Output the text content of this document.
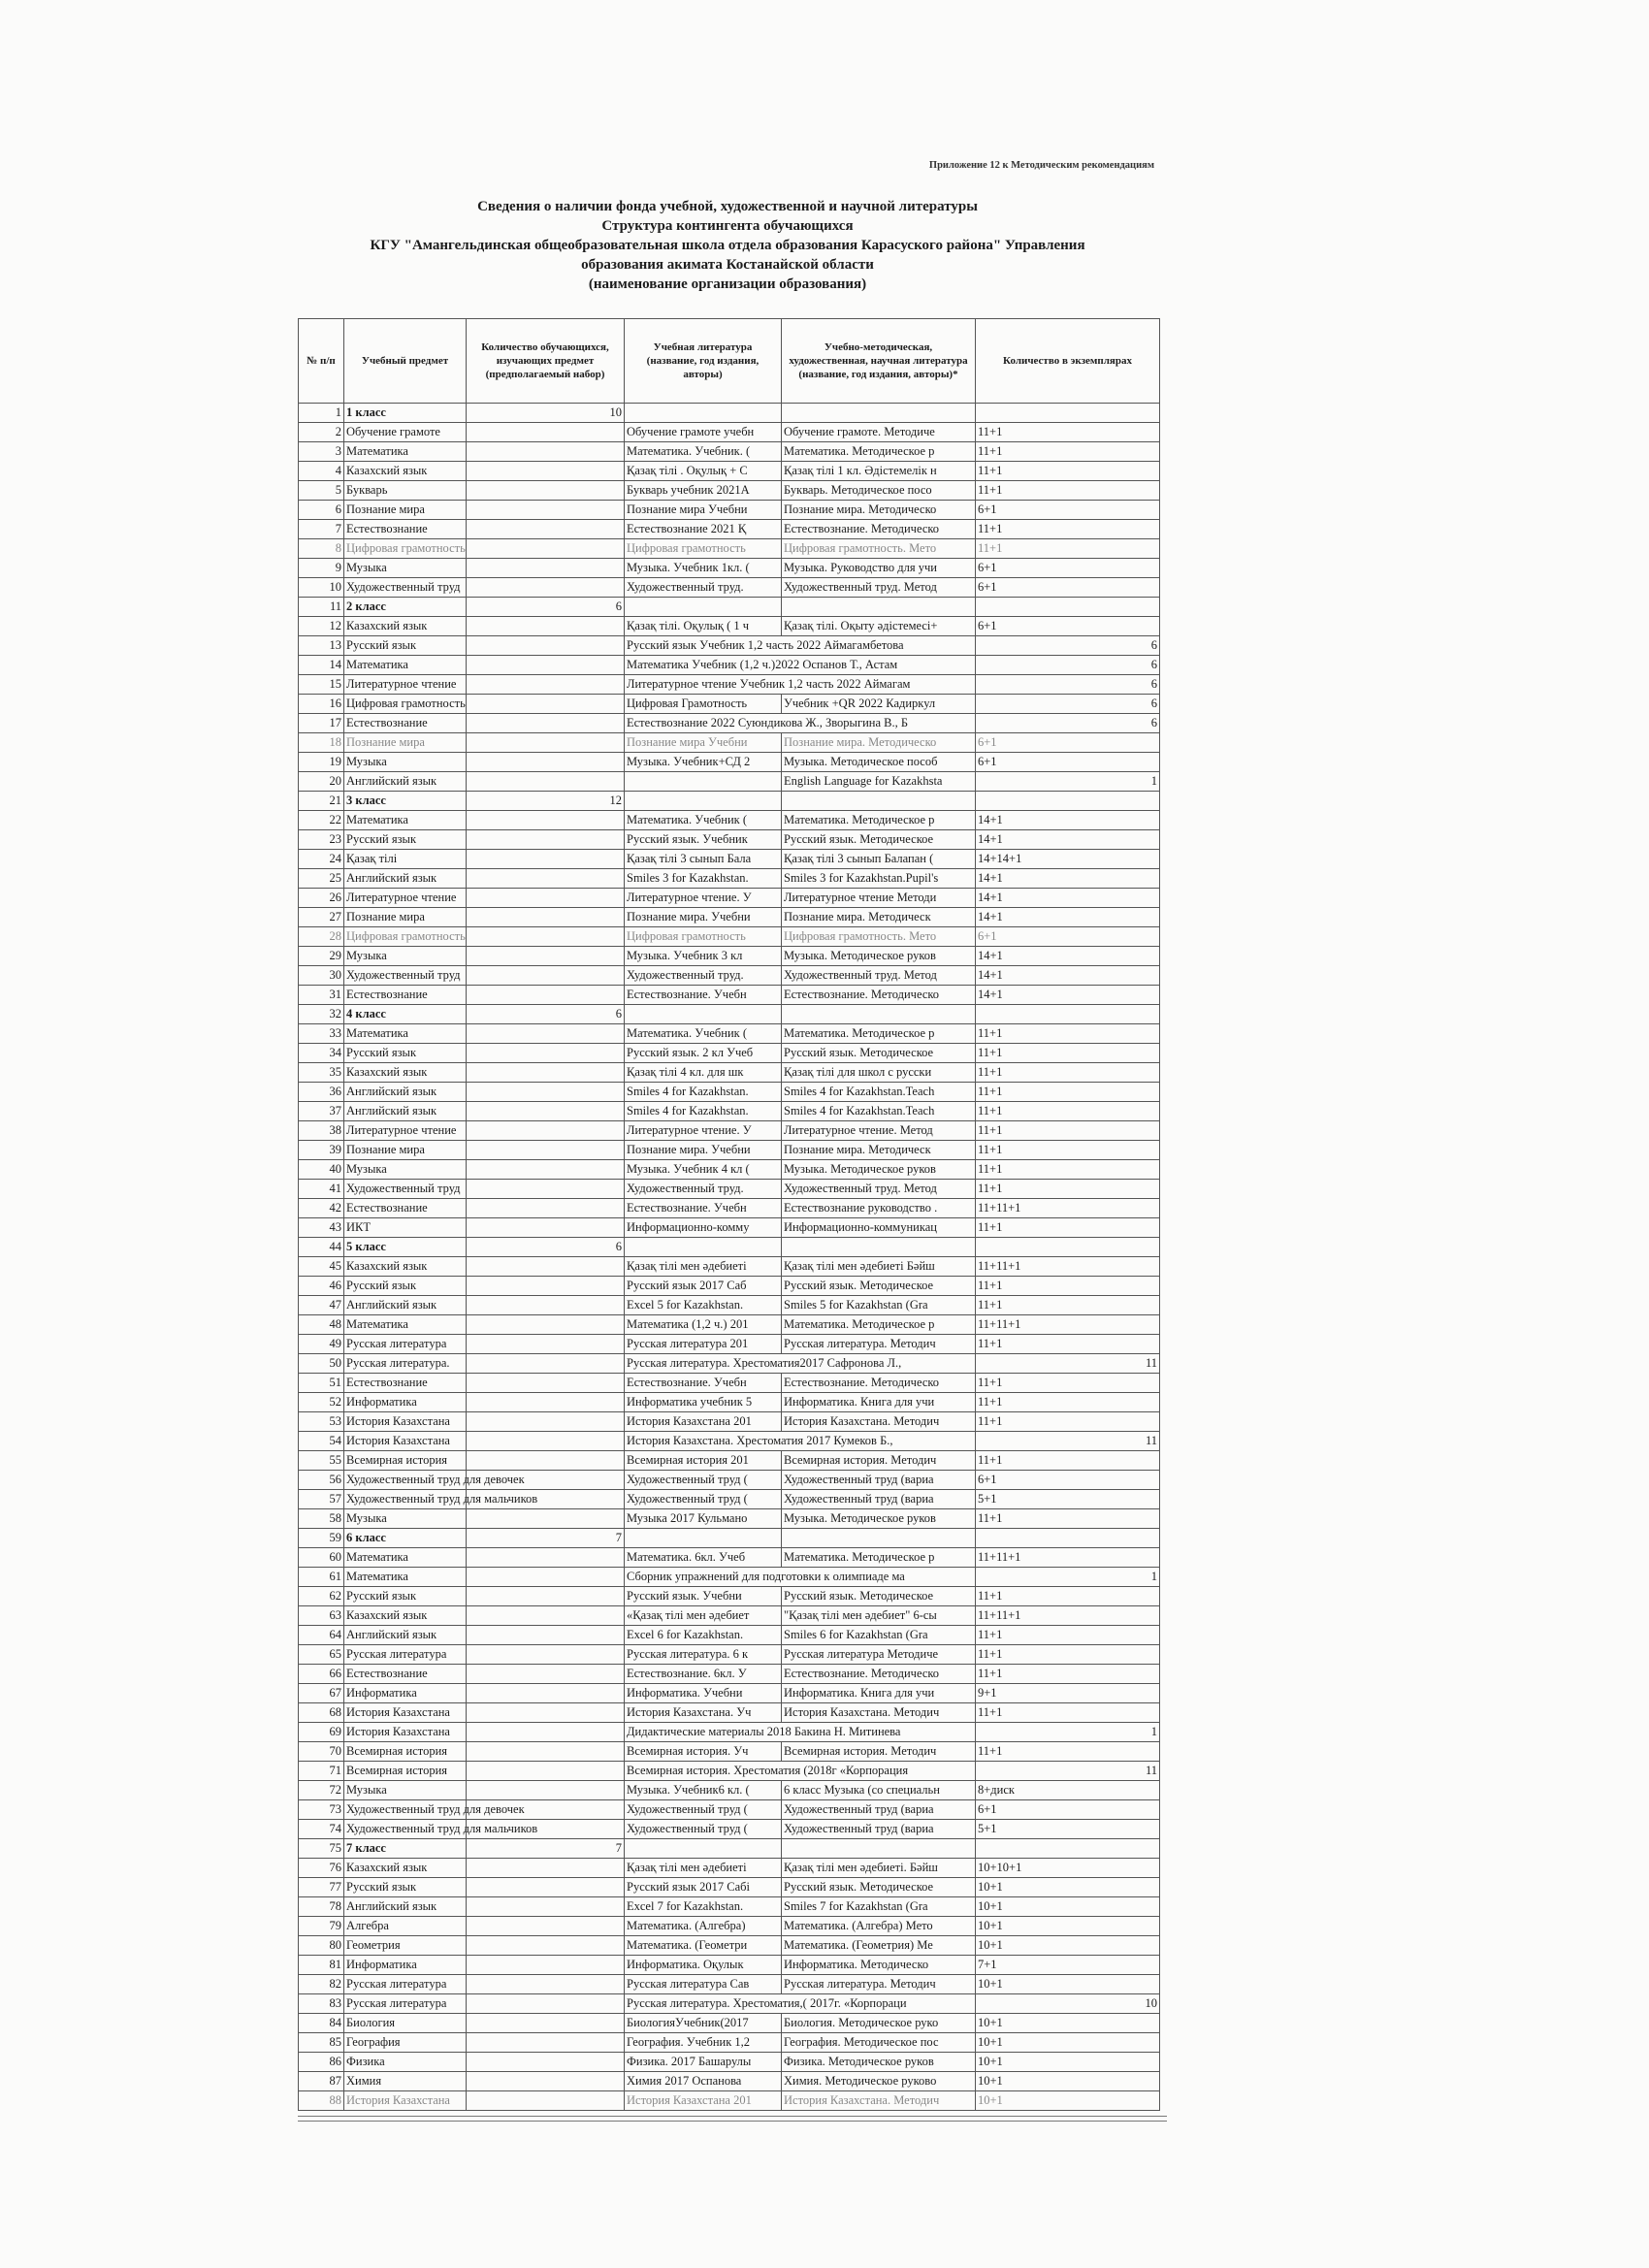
Приложение 12 к Методическим рекомендациям
Сведения о наличии фонда учебной, художественной и научной литературы
Структура контингента обучающихся
КГУ "Амангельдинская общеобразовательная школа отдела образования Карасуского района" Управления
образования акимата Костанайской области
(наименование организации образования)
№ п/п	Учебный предмет	Количество обучающихся, изучающих предмет (предполагаемый набор)	Учебная литература (название, год издания, авторы)	Учебно-методическая, художественная, научная литература (название, год издания, авторы)*	Количество в экземплярах
1	1 класс	10			
2	Обучение грамоте		Обучение грамоте учебн	Обучение грамоте. Методиче	11+1
3	Математика		Математика. Учебник. (	Математика. Методическое р	11+1
4	Казахский язык		Қазақ тілі . Оқулық + С	Қазақ тілі 1 кл. Әдістемелік н	11+1
5	Букварь		Букварь учебник 2021А	Букварь. Методическое посо	11+1
6	Познание мира		Познание мира Учебни	Познание мира. Методическо	6+1
7	Естествознание		Естествознание 2021 Қ	Естествознание. Методическо	11+1
8	Цифровая грамотность		Цифровая грамотность	Цифровая грамотность. Мето	11+1
9	Музыка		Музыка. Учебник 1кл. (	Музыка. Руководство для учи	6+1
10	Художественный труд		Художественный труд.	Художественный труд. Метод	6+1
11	2 класс	6			
12	Казахский язык		Қазақ тілі. Оқулық ( 1 ч	Қазақ тілі. Оқыту әдістемесі+	6+1
13	Русский язык		Русский язык Учебник 1,2 часть 2022 Аймагамбетова		6
14	Математика		Математика Учебник (1,2 ч.)2022 Оспанов Т., Астам		6
15	Литературное чтение		Литературное чтение Учебник 1,2 часть 2022 Аймагам		6
16	Цифровая грамотность		Цифровая Грамотность	Учебник +QR 2022 Кадиркул	6
17	Естествознание		Естествознание 2022 Суюндикова Ж., Зворыгина В., Б		6
18	Познание мира		Познание мира Учебни	Познание мира. Методическо	6+1
19	Музыка		Музыка. Учебник+СД 2	Музыка. Методическое пособ	6+1
20	Английский язык			English Language for Kazakhsta	1
21	3 класс	12			
22	Математика		Математика. Учебник (	Математика. Методическое р	14+1
23	Русский язык		Русский язык. Учебник	Русский язык. Методическое	14+1
24	Қазақ тілі		Қазақ тілі 3 сынып Бала	Қазақ тілі 3 сынып Балапан (	14+14+1
25	Английский язык		Smiles 3 for Kazakhstan.	Smiles 3 for Kazakhstan.Pupil's	14+1
26	Литературное чтение		Литературное чтение. У	Литературное чтение Методи	14+1
27	Познание мира		Познание мира. Учебни	Познание мира. Методическ	14+1
28	Цифровая грамотность		Цифровая грамотность	Цифровая грамотность. Мето	6+1
29	Музыка		Музыка. Учебник 3 кл	Музыка. Методическое руков	14+1
30	Художественный труд		Художественный труд.	Художественный труд. Метод	14+1
31	Естествознание		Естествознание. Учебн	Естествознание. Методическо	14+1
32	4 класс	6			
33	Математика		Математика. Учебник (	Математика. Методическое р	11+1
34	Русский язык		Русский язык. 2 кл Учеб	Русский язык. Методическое	11+1
35	Казахский язык		Қазақ тілі 4 кл. для шк	Қазақ тілі для школ с русски	11+1
36	Английский язык		Smiles 4 for Kazakhstan.	Smiles 4 for Kazakhstan.Teach	11+1
37	Английский язык		Smiles 4 for Kazakhstan.	Smiles 4 for Kazakhstan.Teach	11+1
38	Литературное чтение		Литературное чтение. У	Литературное чтение. Метод	11+1
39	Познание мира		Познание мира. Учебни	Познание мира. Методическ	11+1
40	Музыка		Музыка. Учебник 4 кл (	Музыка. Методическое руков	11+1
41	Художественный труд		Художественный труд.	Художественный труд. Метод	11+1
42	Естествознание		Естествознание. Учебн	Естествознание руководство .	11+11+1
43	ИКТ		Информационно-комму	Информационно-коммуникац	11+1
44	5 класс	6			
45	Казахский язык		Қазақ тілі мен әдебиеті	Қазақ тілі мен әдебиеті Бәйш	11+11+1
46	Русский язык		Русский язык 2017 Саб	Русский язык. Методическое	11+1
47	Английский язык		Excel 5 for Kazakhstan.	Smiles 5 for Kazakhstan (Gra	11+1
48	Математика		Математика (1,2 ч.) 201	Математика. Методическое р	11+11+1
49	Русская литература		Русская литература 201	Русская литература. Методич	11+1
50	Русская литература.		Русская литература. Хрестоматия2017 Сафронова Л.,		11
51	Естествознание		Естествознание. Учебн	Естествознание. Методическо	11+1
52	Информатика		Информатика учебник 5	Информатика. Книга для учи	11+1
53	История Казахстана		История Казахстана 201	История Казахстана. Методич	11+1
54	История Казахстана		История Казахстана. Хрестоматия 2017 Кумеков Б.,		11
55	Всемирная история		Всемирная история 201	Всемирная история. Методич	11+1
56	Художественный труд для девочек		Художественный труд (	Художественный труд (вариа	6+1
57	Художественный труд для мальчиков		Художественный труд (	Художественный труд (вариа	5+1
58	Музыка		Музыка 2017 Кульмано	Музыка. Методическое руков	11+1
59	6 класс	7			
60	Математика		Математика. 6кл. Учеб	Математика. Методическое р	11+11+1
61	Математика		Сборник упражнений для подготовки к олимпиаде ма		1
62	Русский язык		Русский язык. Учебни	Русский язык. Методическое	11+1
63	Казахский язык		«Қазақ тілі мен әдебиет	"Қазақ тілі мен әдебиет" 6-сы	11+11+1
64	Английский язык		Excel 6 for Kazakhstan.	Smiles 6 for Kazakhstan (Gra	11+1
65	Русская литература		Русская литература. 6 к	Русская литература Методиче	11+1
66	Естествознание		Естествознание. 6кл. У	Естествознание. Методическо	11+1
67	Информатика		Информатика. Учебни	Информатика. Книга для учи	9+1
68	История Казахстана		История Казахстана. Уч	История Казахстана. Методич	11+1
69	История Казахстана		Дидактические материалы 2018 Бакина Н. Митинева		1
70	Всемирная история		Всемирная история. Уч	Всемирная история. Методич	11+1
71	Всемирная история		Всемирная история. Хрестоматия (2018г «Корпорация		11
72	Музыка		Музыка. Учебник6 кл. (	6 класс Музыка (со специальн	8+диск
73	Художественный труд для девочек		Художественный труд (	Художественный труд (вариа	6+1
74	Художественный труд для мальчиков		Художественный труд (	Художественный труд (вариа	5+1
75	7 класс	7			
76	Казахский язык		Қазақ тілі мен әдебиеті	Қазақ тілі мен әдебиеті. Бәйш	10+10+1
77	Русский язык		Русский язык 2017 Сабі	Русский язык. Методическое	10+1
78	Английский язык		Excel 7 for Kazakhstan.	Smiles 7 for Kazakhstan (Gra	10+1
79	Алгебра		Математика. (Алгебра)	Математика. (Алгебра) Мето	10+1
80	Геометрия		Математика. (Геометри	Математика. (Геометрия) Ме	10+1
81	Информатика		Информатика. Оқулык	Информатика. Методическо	7+1
82	Русская литература		Русская литература Сав	Русская литература. Методич	10+1
83	Русская литература		Русская литература. Хрестоматия,( 2017г. «Корпораци		10
84	Биология		БиологияУчебник(2017	Биология. Методическое руко	10+1
85	География		География. Учебник 1,2	География. Методическое пос	10+1
86	Физика		Физика. 2017 Башарулы	Физика. Методическое руков	10+1
87	Химия		Химия 2017 Оспанова	Химия. Методическое руково	10+1
88	История Казахстана		История Казахстана 201	История Казахстана. Методич	10+1
